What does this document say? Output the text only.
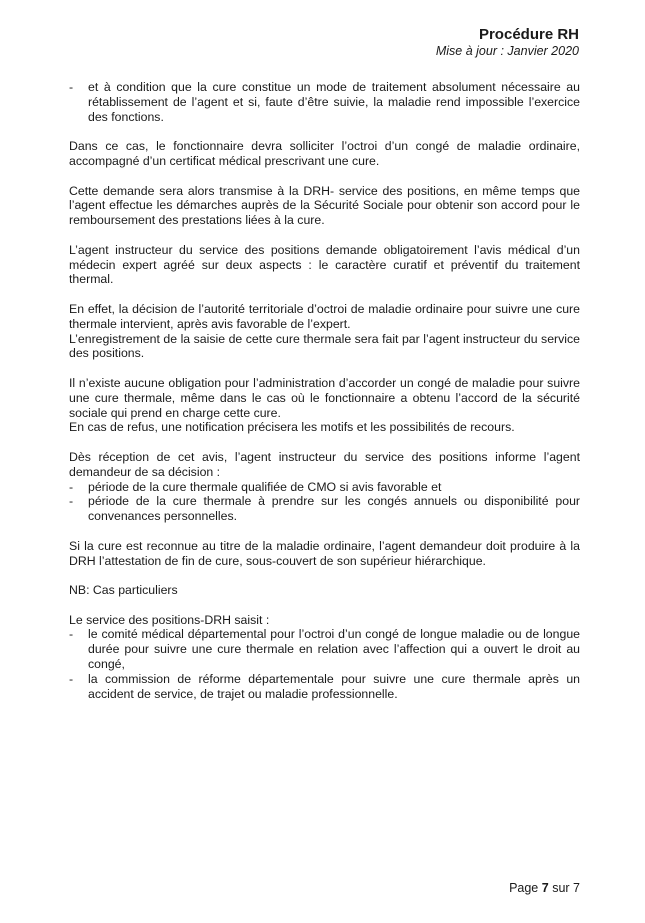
Procédure RH
Mise à jour : Janvier 2020
- et à condition que la cure constitue un mode de traitement absolument nécessaire au rétablissement de l’agent et si, faute d’être suivie, la maladie rend impossible l’exercice des fonctions.

Dans ce cas, le fonctionnaire devra solliciter l’octroi d’un congé de maladie ordinaire, accompagné d’un certificat médical prescrivant une cure.

Cette demande sera alors transmise à la DRH- service des positions, en même temps que l’agent effectue les démarches auprès de la Sécurité Sociale pour obtenir son accord pour le remboursement des prestations liées à la cure.

L’agent instructeur du service des positions demande obligatoirement l’avis médical d’un médecin expert agréé sur deux aspects : le caractère curatif et préventif du traitement thermal.

En effet, la décision de l’autorité territoriale d’octroi de maladie ordinaire pour suivre une cure thermale intervient, après avis favorable de l’expert.
L’enregistrement de la saisie de cette cure thermale sera fait par l’agent instructeur du service des positions.

Il n’existe aucune obligation pour l’administration d’accorder un congé de maladie pour suivre une cure thermale, même dans le cas où le fonctionnaire a obtenu l’accord de la sécurité sociale qui prend en charge cette cure.
En cas de refus, une notification précisera les motifs et les possibilités de recours.

Dès réception de cet avis, l’agent instructeur du service des positions informe l’agent demandeur de sa décision :

- période de la cure thermale qualifiée de CMO si avis favorable et
- période de la cure thermale à prendre sur les congés annuels ou disponibilité pour convenances personnelles.

Si la cure est reconnue au titre de la maladie ordinaire, l’agent demandeur doit produire à la DRH l’attestation de fin de cure, sous-couvert de son supérieur hiérarchique.

NB: Cas particuliers

Le service des positions-DRH saisit :

- le comité médical départemental pour l’octroi d’un congé de longue maladie ou de longue durée pour suivre une cure thermale en relation avec l’affection qui a ouvert le droit au congé,
- la commission de réforme départementale pour suivre une cure thermale après un accident de service, de trajet ou maladie professionnelle.
Page 7 sur 7
